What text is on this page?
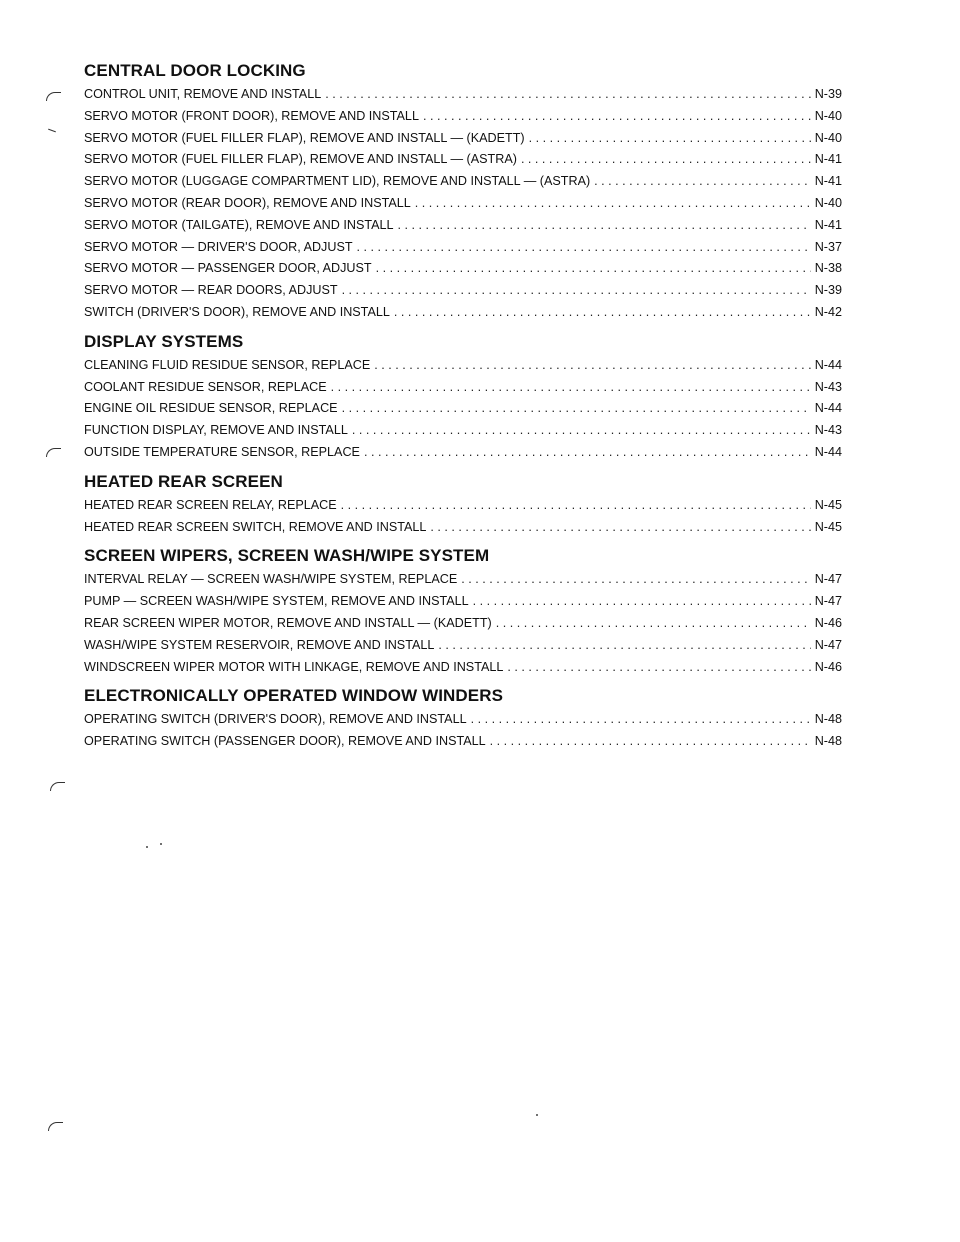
CENTRAL DOOR LOCKING
CONTROL UNIT, REMOVE AND INSTALL . . .	N-39
SERVO MOTOR (FRONT DOOR), REMOVE AND INSTALL . . .	N-40
SERVO MOTOR (FUEL FILLER FLAP), REMOVE AND INSTALL — (KADETT) . . .	N-40
SERVO MOTOR (FUEL FILLER FLAP), REMOVE AND INSTALL — (ASTRA) . . .	N-41
SERVO MOTOR (LUGGAGE COMPARTMENT LID), REMOVE AND INSTALL — (ASTRA) . . .	N-41
SERVO MOTOR (REAR DOOR), REMOVE AND INSTALL . . .	N-40
SERVO MOTOR (TAILGATE), REMOVE AND INSTALL . . .	N-41
SERVO MOTOR — DRIVER'S DOOR, ADJUST . . .	N-37
SERVO MOTOR — PASSENGER DOOR, ADJUST . . .	N-38
SERVO MOTOR — REAR DOORS, ADJUST . . .	N-39
SWITCH (DRIVER'S DOOR), REMOVE AND INSTALL . . .	N-42
DISPLAY SYSTEMS
CLEANING FLUID RESIDUE SENSOR, REPLACE . . .	N-44
COOLANT RESIDUE SENSOR, REPLACE . . .	N-43
ENGINE OIL RESIDUE SENSOR, REPLACE . . .	N-44
FUNCTION DISPLAY, REMOVE AND INSTALL . . .	N-43
OUTSIDE TEMPERATURE SENSOR, REPLACE . . .	N-44
HEATED REAR SCREEN
HEATED REAR SCREEN RELAY, REPLACE . . .	N-45
HEATED REAR SCREEN SWITCH, REMOVE AND INSTALL . . .	N-45
SCREEN WIPERS, SCREEN WASH/WIPE SYSTEM
INTERVAL RELAY — SCREEN WASH/WIPE SYSTEM, REPLACE . . .	N-47
PUMP — SCREEN WASH/WIPE SYSTEM, REMOVE AND INSTALL . . .	N-47
REAR SCREEN WIPER MOTOR, REMOVE AND INSTALL — (KADETT) . . .	N-46
WASH/WIPE SYSTEM RESERVOIR, REMOVE AND INSTALL . . .	N-47
WINDSCREEN WIPER MOTOR WITH LINKAGE, REMOVE AND INSTALL . . .	N-46
ELECTRONICALLY OPERATED WINDOW WINDERS
OPERATING SWITCH (DRIVER'S DOOR), REMOVE AND INSTALL . . .	N-48
OPERATING SWITCH (PASSENGER DOOR), REMOVE AND INSTALL . . .	N-48
